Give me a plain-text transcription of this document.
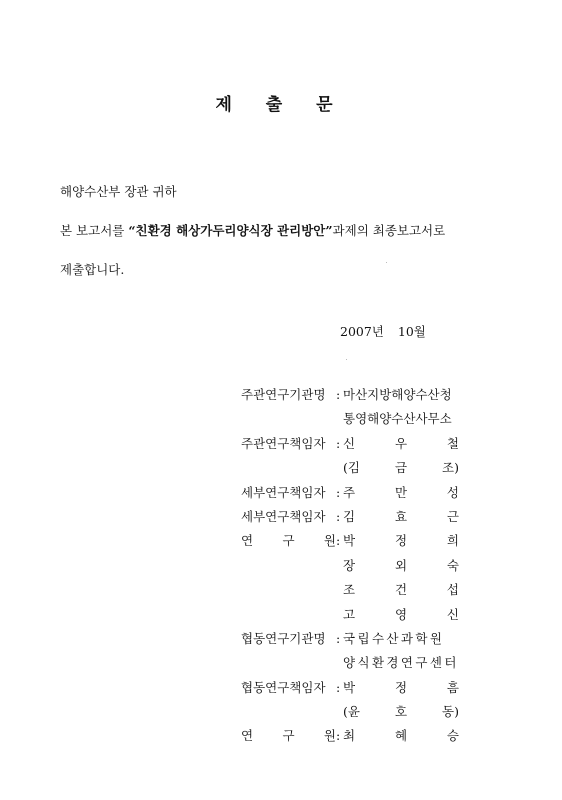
제 출 문
해양수산부 장관 귀하
본 보고서를 “친환경 해상가두리양식장 관리방안”과제의 최종보고서로
제출합니다.
2007년 10월
주관연구기관명 : 마산지방해양수산청
통영해양수산사무소
주관연구책임자 : 신	우	철
(김	금	조)
세부연구책임자 : 주	만	성
세부연구책임자 : 김	효	근
연 구 원 : 박	정	희
장	외	숙
조	건	섭
고	영	신
협동연구기관명 : 국립수산과학원
양식환경연구센터
협동연구책임자 : 박	정	흠
(윤	호	동)
연 구 원 : 최	혜	승
